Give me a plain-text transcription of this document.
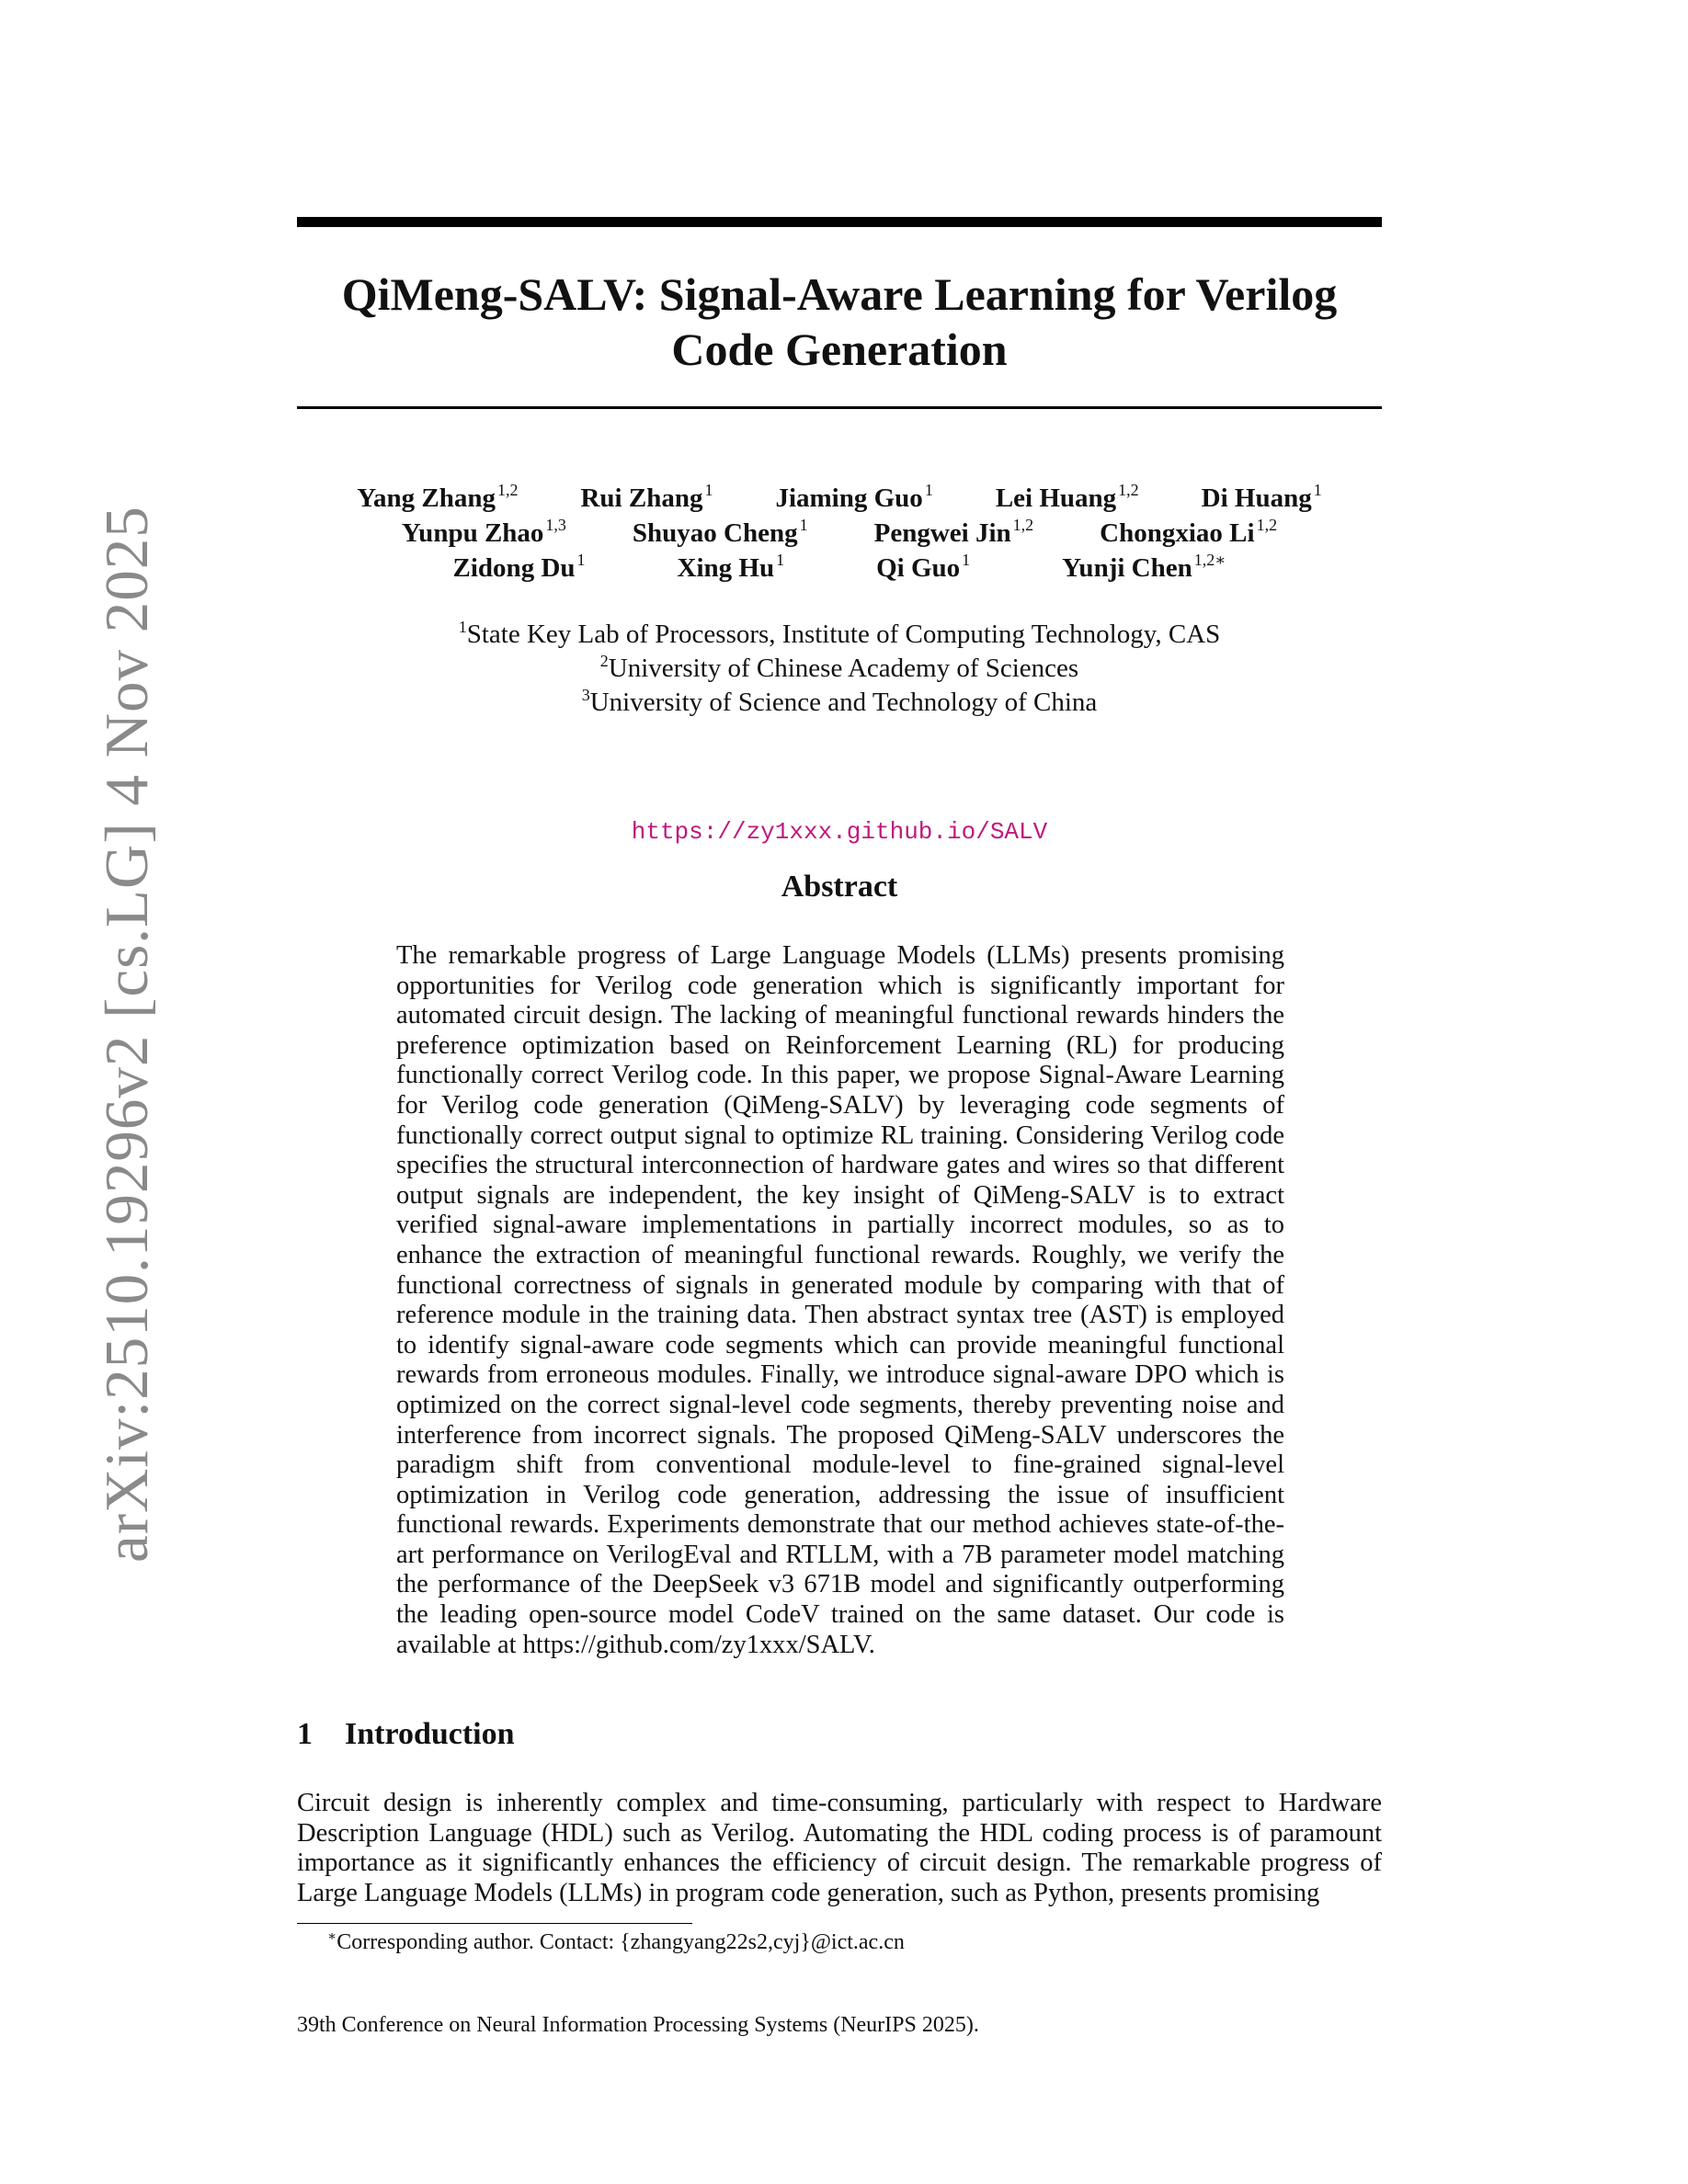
arXiv:2510.19296v2 [cs.LG] 4 Nov 2025
QiMeng-SALV: Signal-Aware Learning for Verilog Code Generation
Yang Zhang $^{1,2}$ Rui Zhang $^1$ Jiaming Guo $^1$ Lei Huang $^{1,2}$ Di Huang $^1$
Yunpu Zhao $^{1,3}$ Shuyao Cheng $^1$ Pengwei Jin $^{1,2}$ Chongxiao Li $^{1,2}$
Zidong Du $^1$	Xing Hu $^1$	Qi Guo $^1$	Yunji Chen $^{1,2∗}$
$^1$State Key Lab of Processors, Institute of Computing Technology, CAS
$^2$University of Chinese Academy of Sciences
$^3$University of Science and Technology of China
https://zy1xxx.github.io/SALV
Abstract
The remarkable progress of Large Language Models (LLMs) presents promising opportunities for Verilog code generation which is significantly important for automated circuit design. The lacking of meaningful functional rewards hinders the preference optimization based on Reinforcement Learning (RL) for producing functionally correct Verilog code. In this paper, we propose Signal-Aware Learning for Verilog code generation (QiMeng-SALV) by leveraging code segments of functionally correct output signal to optimize RL training. Considering Verilog code specifies the structural interconnection of hardware gates and wires so that different output signals are independent, the key insight of QiMeng-SALV is to extract verified signal-aware implementations in partially incorrect modules, so as to enhance the extraction of meaningful functional rewards. Roughly, we verify the functional correctness of signals in generated module by comparing with that of reference module in the training data. Then abstract syntax tree (AST) is employed to identify signal-aware code segments which can provide meaningful functional rewards from erroneous modules. Finally, we introduce signal-aware DPO which is optimized on the correct signal-level code segments, thereby preventing noise and interference from incorrect signals. The proposed QiMeng-SALV underscores the paradigm shift from conventional module-level to fine-grained signal-level optimization in Verilog code generation, addressing the issue of insufficient functional rewards. Experiments demonstrate that our method achieves state-of-the-art performance on VerilogEval and RTLLM, with a 7B parameter model matching the performance of the DeepSeek v3 671B model and significantly outperforming the leading open-source model CodeV trained on the same dataset. Our code is available at https://github.com/zy1xxx/SALV.
1 Introduction
Circuit design is inherently complex and time-consuming, particularly with respect to Hardware Description Language (HDL) such as Verilog. Automating the HDL coding process is of paramount importance as it significantly enhances the efficiency of circuit design. The remarkable progress of Large Language Models (LLMs) in program code generation, such as Python, presents promising
∗Corresponding author. Contact: {zhangyang22s2,cyj}@ict.ac.cn
39th Conference on Neural Information Processing Systems (NeurIPS 2025).
